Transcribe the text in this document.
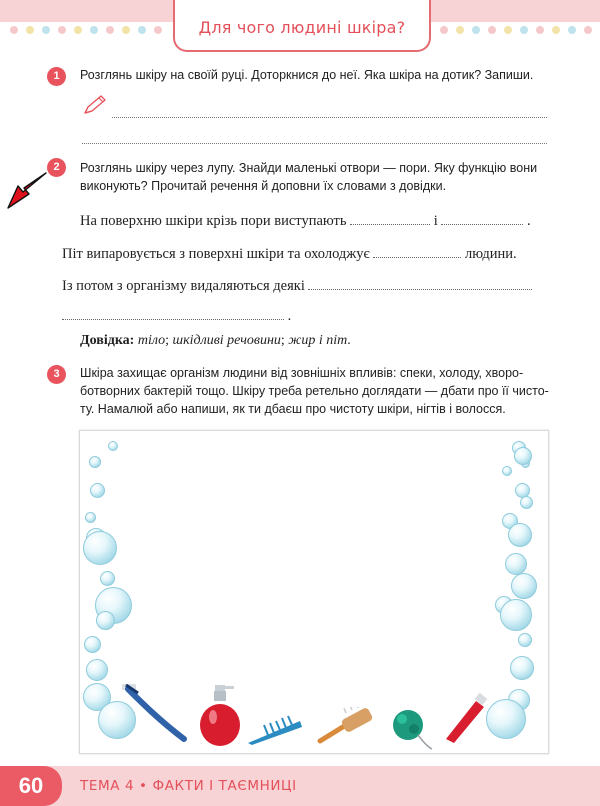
Для чого людині шкіра?
1	Розглянь шкіру на своїй руці. Доторкнися до неї. Яка шкіра на дотик? Запиши.
2	Розглянь шкіру через лупу. Знайди маленькі отвори — пори. Яку функцію вони
виконують? Прочитай речення й доповни їх словами з довідки.
На поверхню шкіри крізь пори виступають	і	.
Піт випаровується з поверхні шкіри та охолоджує	людини.
Із потом з організму видаляються деякі
.
Довідка: тіло; шкідливі речовини; жир і піт.
3	Шкіра захищає організм людини від зовнішніх впливів: спеки, холоду, хворо-
ботворних бактерій тощо. Шкіру треба ретельно доглядати — дбати про її чисто-
ту. Намалюй або напиши, як ти дбаєш про чистоту шкіри, нігтів і волосся.
60	ТЕМА 4 • ФАКТИ І ТАЄМНИЦІ
